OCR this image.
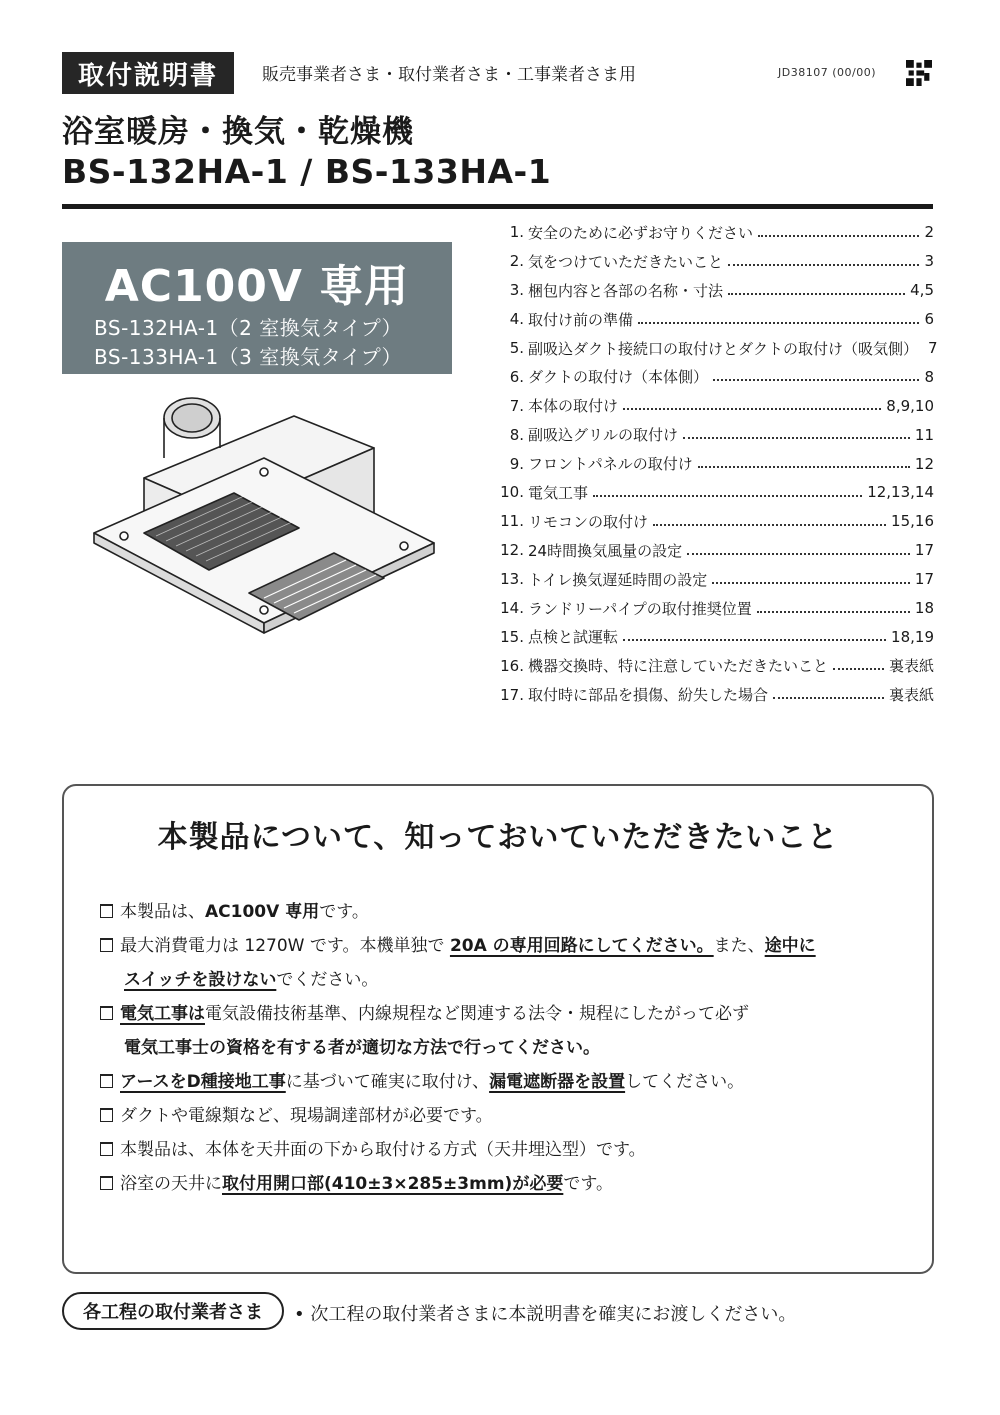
取付説明書	販売事業者さま・取付業者さま・工事業者さま用	JD38107 (00/00)
浴室暖房・換気・乾燥機
BS-132HA-1 / BS-133HA-1
AC100V 専用
BS-132HA-1（2 室換気タイプ）
BS-133HA-1（3 室換気タイプ）
1. 安全のために必ずお守りください	2
2. 気をつけていただきたいこと	3
3. 梱包内容と各部の名称・寸法	4,5
4. 取付け前の準備	6
5. 副吸込ダクト接続口の取付けとダクトの取付け（吸気側） 7
6. ダクトの取付け（本体側）	8
7. 本体の取付け	8,9,10
8. 副吸込グリルの取付け	11
9. フロントパネルの取付け	12
10. 電気工事	12,13,14
11. リモコンの取付け	15,16
12. 24時間換気風量の設定	17
13. トイレ換気遅延時間の設定	17
14. ランドリーパイプの取付推奨位置	18
15. 点検と試運転	18,19
16. 機器交換時、特に注意していただきたいこと	裏表紙
17. 取付時に部品を損傷、紛失した場合	裏表紙
本製品について、知っておいていただきたいこと
本製品は、AC100V 専用です。
最大消費電力は 1270W です。本機単独で 20A の専用回路にしてください。また、途中に
スイッチを設けないでください。
電気工事は電気設備技術基準、内線規程など関連する法令・規程にしたがって必ず
電気工事士の資格を有する者が適切な方法で行ってください。
アースをD種接地工事に基づいて確実に取付け、漏電遮断器を設置してください。
ダクトや電線類など、現場調達部材が必要です。
本製品は、本体を天井面の下から取付ける方式（天井埋込型）です。
浴室の天井に取付用開口部(410±3×285±3mm)が必要です。
各工程の取付業者さま	• 次工程の取付業者さまに本説明書を確実にお渡しください。
